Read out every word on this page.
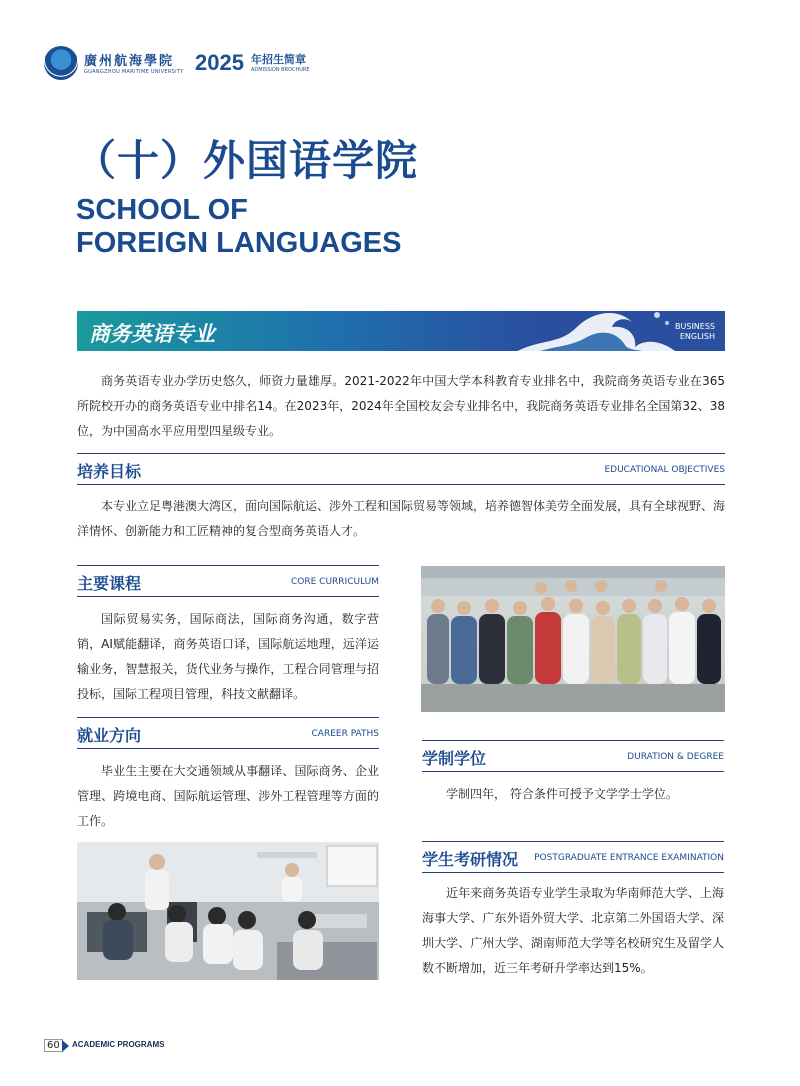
廣州航海學院
GUANGZHOU MARITIME UNIVERSITY 2025 年招生简章
ADMISSION BROCHURE
（十）外国语学院
SCHOOL OF
FOREIGN LANGUAGES
商务英语专业	BUSINESS
ENGLISH
商务英语专业办学历史悠久，师资力量雄厚。2021-2022年中国大学本科教育专业排名中，我院商务英语专业在365所院校开办的商务英语专业中排名14。在2023年，2024年全国校友会专业排名中，我院商务英语专业排名全国第32、38位，为中国高水平应用型四星级专业。
培养目标	EDUCATIONAL OBJECTIVES
本专业立足粤港澳大湾区，面向国际航运、涉外工程和国际贸易等领域，培养德智体美劳全面发展，具有全球视野、海洋情怀、创新能力和工匠精神的复合型商务英语人才。
主要课程	CORE CURRICULUM
国际贸易实务，国际商法，国际商务沟通，数字营销，AI赋能翻译，商务英语口译，国际航运地理，远洋运输业务，智慧报关，货代业务与操作，工程合同管理与招投标，国际工程项目管理，科技文献翻译。
就业方向	CAREER PATHS
毕业生主要在大交通领域从事翻译、国际商务、企业管理、跨境电商、国际航运管理、涉外工程管理等方面的工作。
学制学位	DURATION & DEGREE
学制四年， 符合条件可授予文学学士学位。
学生考研情况 POSTGRADUATE ENTRANCE EXAMINATION
近年来商务英语专业学生录取为华南师范大学、上海海事大学、广东外语外贸大学、北京第二外国语大学、深圳大学、广州大学、湖南师范大学等名校研究生及留学人数不断增加，近三年考研升学率达到15%。
60	ACADEMIC PROGRAMS
